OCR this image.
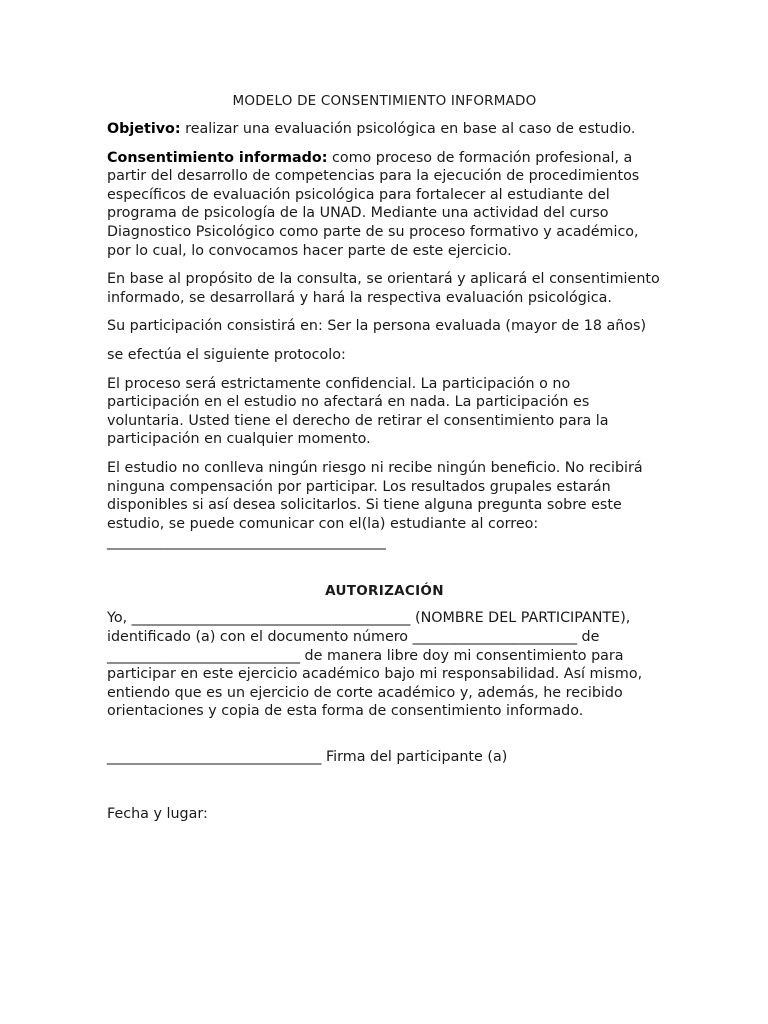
MODELO DE CONSENTIMIENTO INFORMADO

Objetivo: realizar una evaluación psicológica en base al caso de estudio.

Consentimiento informado: como proceso de formación profesional, a partir del desarrollo de competencias para la ejecución de procedimientos específicos de evaluación psicológica para fortalecer al estudiante del programa de psicología de la UNAD. Mediante una actividad del curso Diagnostico Psicológico como parte de su proceso formativo y académico, por lo cual, lo convocamos hacer parte de este ejercicio.

En base al propósito de la consulta, se orientará y aplicará el consentimiento informado, se desarrollará y hará la respectiva evaluación psicológica.

Su participación consistirá en: Ser la persona evaluada (mayor de 18 años)

se efectúa el siguiente protocolo:

El proceso será estrictamente confidencial. La participación o no participación en el estudio no afectará en nada. La participación es voluntaria. Usted tiene el derecho de retirar el consentimiento para la participación en cualquier momento.

El estudio no conlleva ningún riesgo ni recibe ningún beneficio. No recibirá ninguna compensación por participar. Los resultados grupales estarán disponibles si así desea solicitarlos. Si tiene alguna pregunta sobre este estudio, se puede comunicar con el(la) estudiante al correo: _______________________________________

AUTORIZACIÓN

Yo, _______________________________________ (NOMBRE DEL PARTICIPANTE), identificado (a) con el documento número _______________________ de ___________________________ de manera libre doy mi consentimiento para participar en este ejercicio académico bajo mi responsabilidad. Así mismo, entiendo que es un ejercicio de corte académico y, además, he recibido orientaciones y copia de esta forma de consentimiento informado.

______________________________ Firma del participante (a)

Fecha y lugar:
